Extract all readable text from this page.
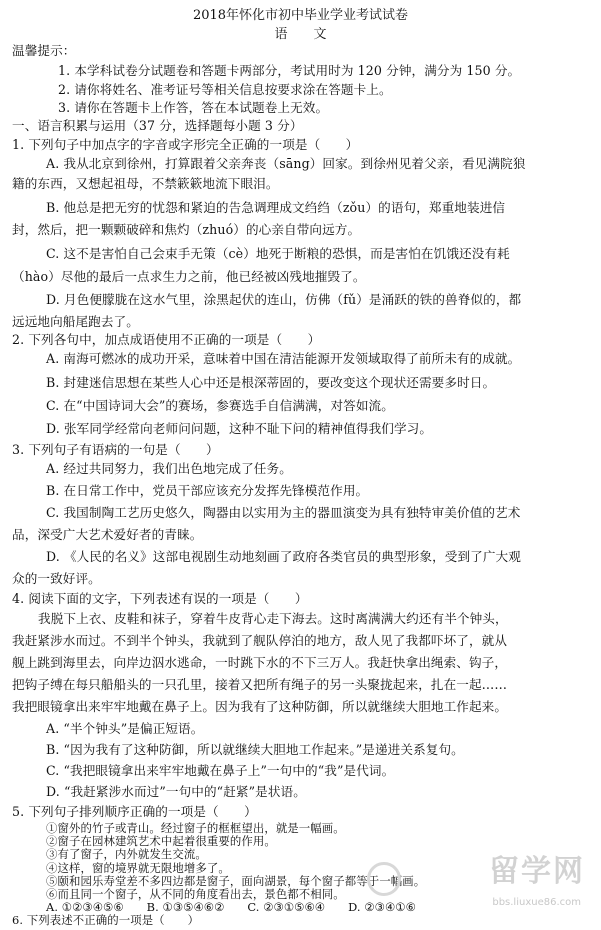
2018年怀化市初中毕业学业考试试卷
语　　文
温馨提示：
1. 本学科试卷分试题卷和答题卡两部分，考试用时为 120 分钟，满分为 150 分。
2. 请你将姓名、准考证号等相关信息按要求涂在答题卡上。
3. 请你在答题卡上作答，答在本试题卷上无效。
一、语言积累与运用（37 分，选择题每小题 3 分）
1. 下列句子中加点字的字音或字形完全正确的一项是（　　）
A. 我从北京到徐州，打算跟着父亲奔丧（sāng）回家。到徐州见着父亲，看见满院狼
籍的东西，又想起祖母，不禁簌簌地流下眼泪。
B. 他总是把无穷的忧怨和紧迫的告急调理成文绉绉（zǒu）的语句，郑重地装进信
封，然后，把一颗颗破碎和焦灼（zhuó）的心亲自带向远方。
C. 这不是害怕自己会束手无策（cè）地死于断粮的恐惧，而是害怕在饥饿还没有耗
（hào）尽他的最后一点求生力之前，他已经被凶残地摧毁了。
D. 月色便朦胧在这水气里，涂黑起伏的连山，仿佛（fǔ）是涌跃的铁的兽脊似的，都
远远地向船尾跑去了。
2. 下列各句中，加点成语使用不正确的一项是（　　）
A. 南海可燃冰的成功开采，意味着中国在清洁能源开发领域取得了前所未有的成就。
B. 封建迷信思想在某些人心中还是根深蒂固的，要改变这个现状还需要多时日。
C. 在“中国诗词大会”的赛场，参赛选手自信满满，对答如流。
D. 张军同学经常向老师问问题，这种不耻下问的精神值得我们学习。
3. 下列句子有语病的一句是（　　）
A. 经过共同努力，我们出色地完成了任务。
B. 在日常工作中，党员干部应该充分发挥先锋模范作用。
C. 我国制陶工艺历史悠久，陶器由以实用为主的器皿演变为具有独特审美价值的艺术
品，深受广大艺术爱好者的青睐。
D. 《人民的名义》这部电视剧生动地刻画了政府各类官员的典型形象，受到了广大观
众的一致好评。
4. 阅读下面的文字，下列表述有误的一项是（　　）
我脱下上衣、皮鞋和袜子，穿着牛皮背心走下海去。这时离满满大约还有半个钟头，
我赶紧涉水而过。不到半个钟头，我就到了舰队停泊的地方，敌人见了我都吓坏了，就从
舰上跳到海里去，向岸边泅水逃命，一时跳下水的不下三万人。我赶快拿出绳索、钩子，
把钩子缚在每只船船头的一只孔里，接着又把所有绳子的另一头聚拢起来，扎在一起……
我把眼镜拿出来牢牢地戴在鼻子上。因为我有了这种防御，所以就继续大胆地工作起来。
A. “半个钟头”是偏正短语。
B. “因为我有了这种防御，所以就继续大胆地工作起来。”是递进关系复句。
C. “我把眼镜拿出来牢牢地戴在鼻子上”一句中的“我”是代词。
D. “我赶紧涉水而过”一句中的“赶紧”是状语。
5. 下列句子排列顺序正确的一项是（　　）
①窗外的竹子或青山。经过窗子的框框望出，就是一幅画。
②窗子在园林建筑艺术中起着很重要的作用。
③有了窗子，内外就发生交流。
④这样，窗的境界就无限地增多了。
⑤颐和园乐寿堂差不多四边都是窗子，面向湖景，每个窗子都等于一幅画。
⑥而且同一个窗子，从不同的角度看出去，景色都不相同。
A. ①②③④⑤⑥　　B. ①③⑤④⑥②　　C. ②③①⑤⑥④　　D. ②③④①⑥
6. 下列表述不正确的一项是（　　）
留学网
bbs.liuxue86.com
